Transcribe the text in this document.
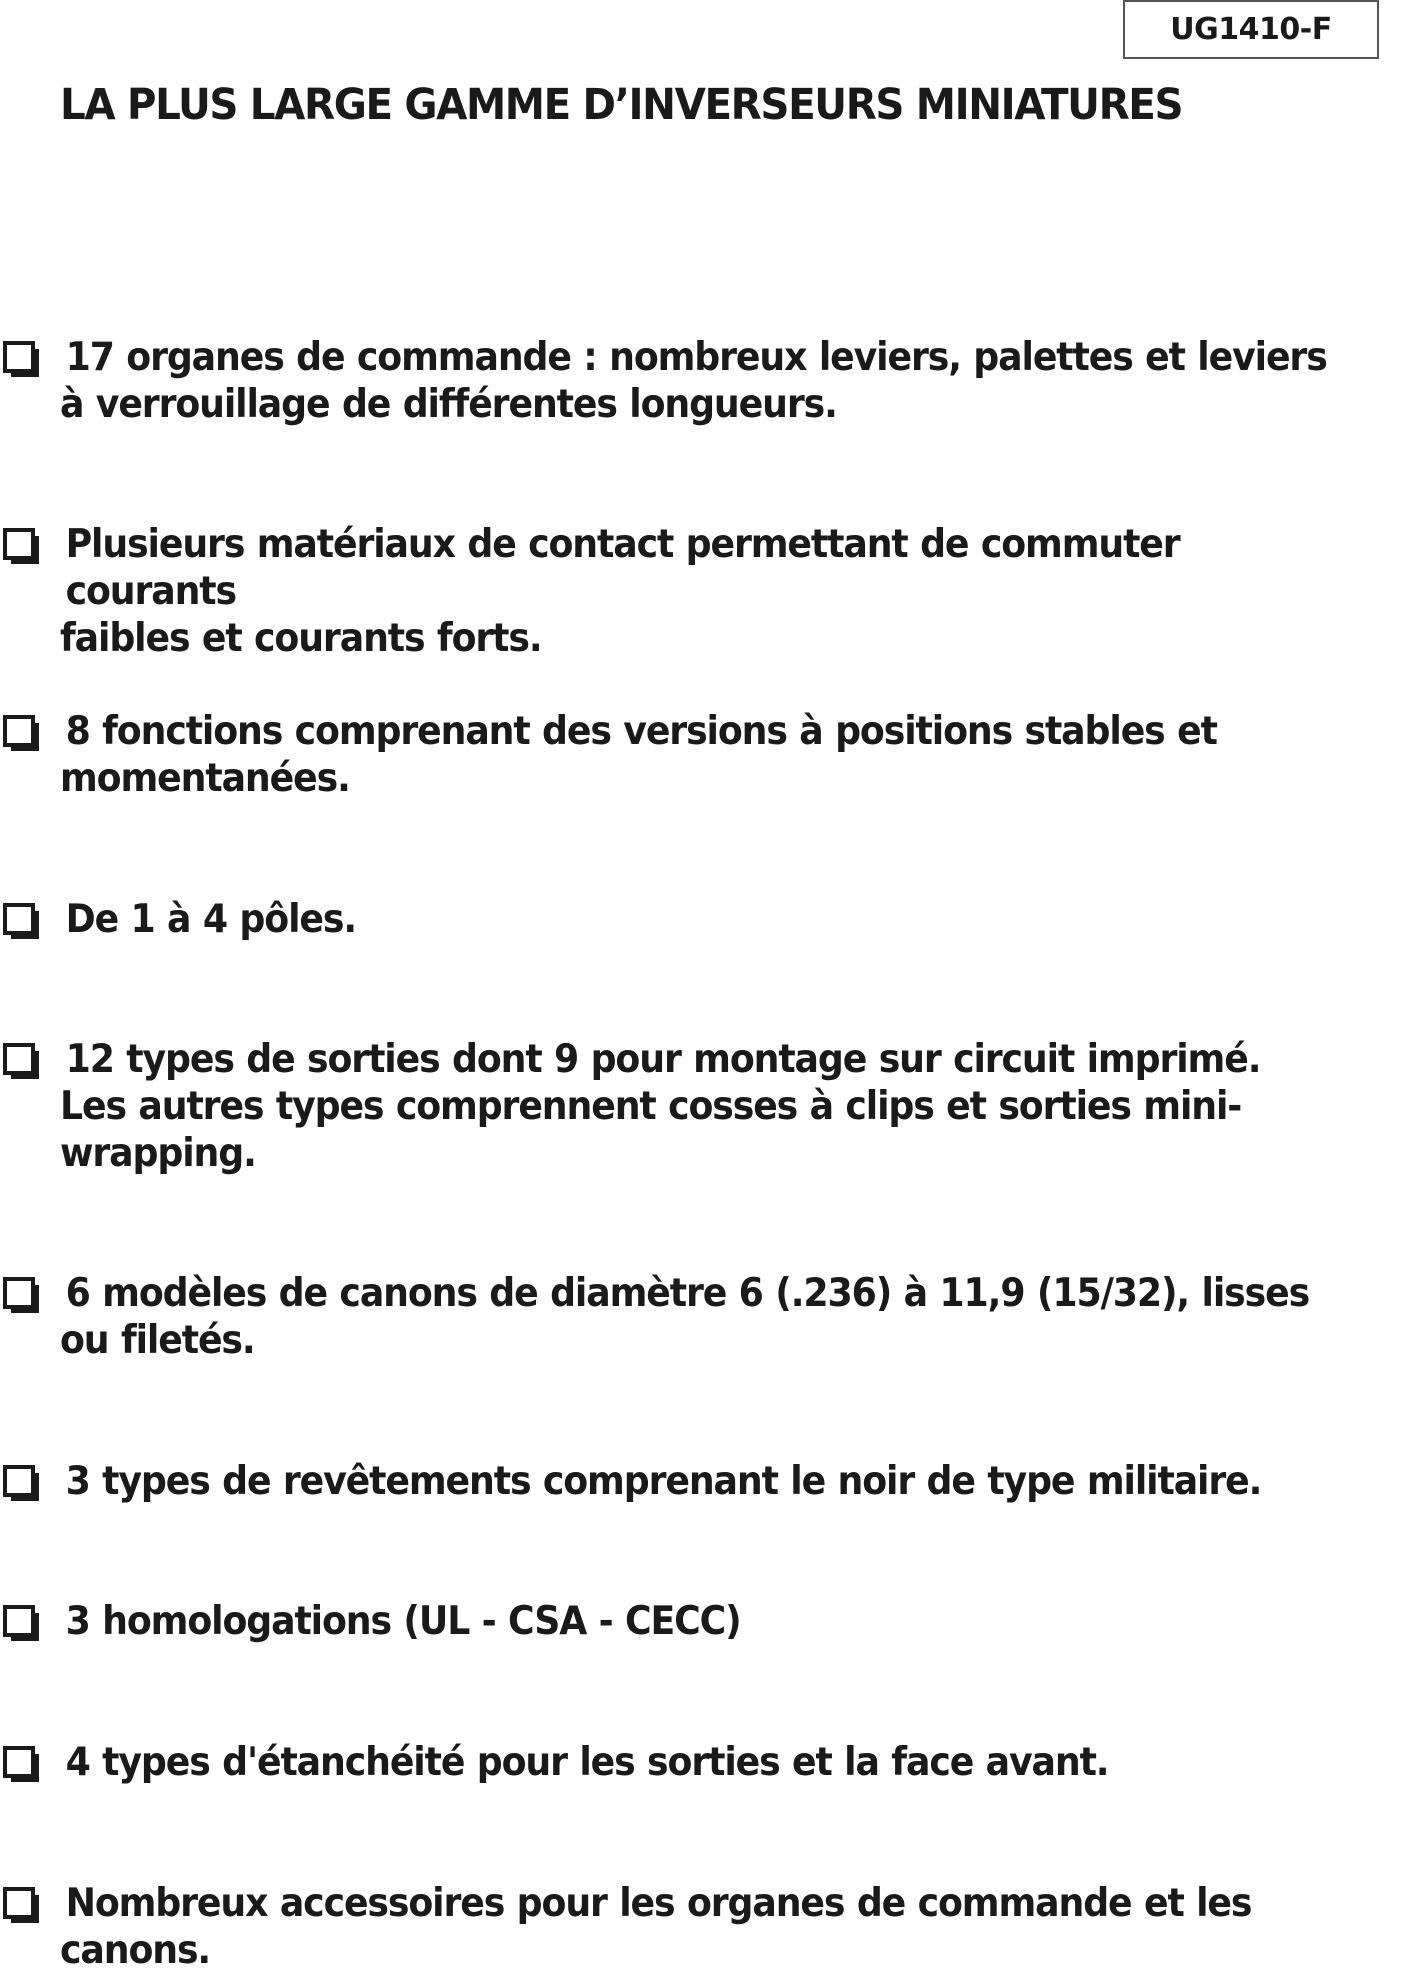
UG1410-F
LA PLUS LARGE GAMME D’INVERSEURS MINIATURES

17 organes de commande : nombreux leviers, palettes et leviers
à verrouillage de différentes longueurs.

Plusieurs matériaux de contact permettant de commuter courants
faibles et courants forts.

8 fonctions comprenant des versions à positions stables et
momentanées.

De 1 à 4 pôles.

12 types de sorties dont 9 pour montage sur circuit imprimé.
Les autres types comprennent cosses à clips et sorties mini-
wrapping.

6 modèles de canons de diamètre 6 (.236) à 11,9 (15/32), lisses
ou filetés.

3 types de revêtements comprenant le noir de type militaire.

3 homologations (UL - CSA - CECC)

4 types d'étanchéité pour les sorties et la face avant.

Nombreux accessoires pour les organes de commande et les
canons.
